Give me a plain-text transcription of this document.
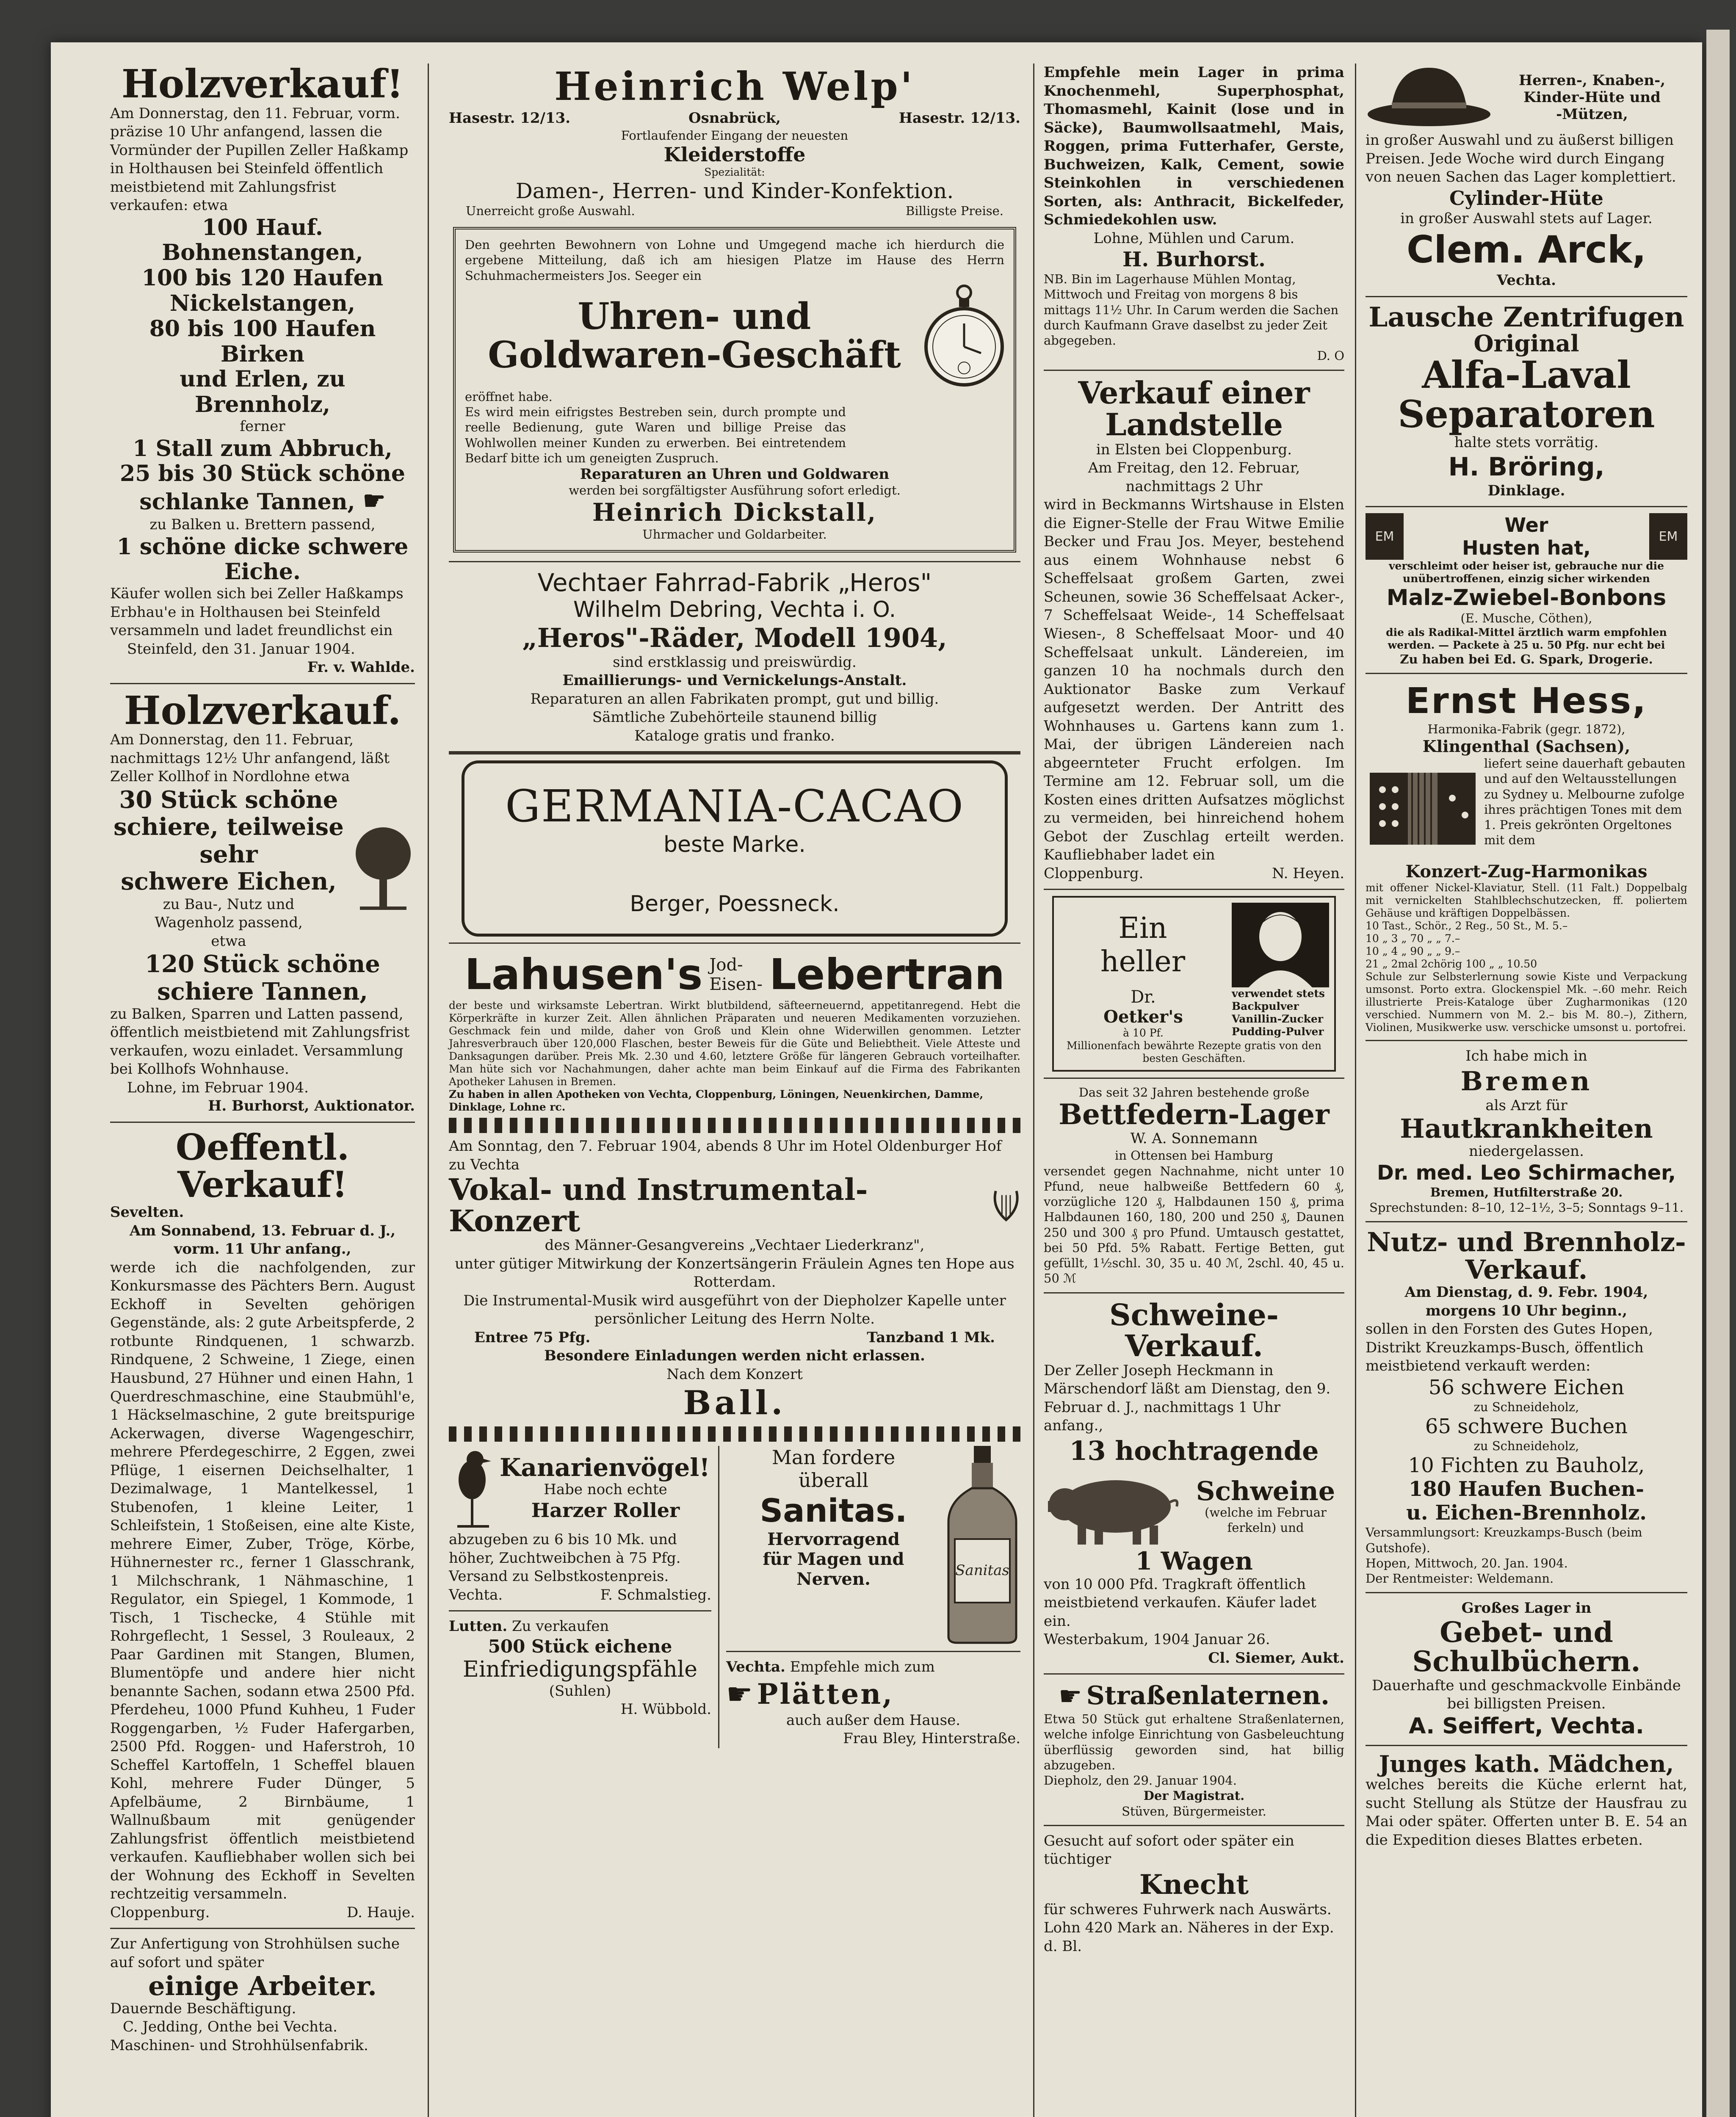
Holzverkauf!
Am Donnerstag, den 11. Februar, vorm. präzise 10 Uhr anfangend, lassen die Vormünder der Pupillen Zeller Haßkamp in Holthausen bei Steinfeld öffentlich meistbietend mit Zahlungsfrist verkaufen: etwa
100 Hauf. Bohnenstangen,
100 bis 120 Haufen
Nickelstangen,
80 bis 100 Haufen Birken
und Erlen, zu Brennholz,
ferner
1 Stall zum Abbruch,
25 bis 30 Stück schöne
schlanke Tannen, ☛
zu Balken u. Brettern passend,
1 schöne dicke schwere Eiche.
Käufer wollen sich bei Zeller Haßkamps Erbhau'e in Holthausen bei Steinfeld versammeln und ladet freundlichst ein
Steinfeld, den 31. Januar 1904.
Fr. v. Wahlde.
Holzverkauf.
Am Donnerstag, den 11. Februar, nachmittags 12½ Uhr anfangend, läßt Zeller Kollhof in Nordlohne etwa
30 Stück schöne
schiere, teilweise sehr
schwere Eichen,
zu Bau-, Nutz und
Wagenholz passend,
etwa
120 Stück schöne
schiere Tannen,
zu Balken, Sparren und Latten passend, öffentlich meistbietend mit Zahlungsfrist verkaufen, wozu einladet. Versammlung bei Kollhofs Wohnhause.
Lohne, im Februar 1904.
H. Burhorst, Auktionator.
Oeffentl. Verkauf!
Sevelten.
Am Sonnabend, 13. Februar d. J.,
vorm. 11 Uhr anfang.,
werde ich die nachfolgenden, zur Konkursmasse des Pächters Bern. August Eckhoff in Sevelten gehörigen Gegenstände, als: 2 gute Arbeitspferde, 2 rotbunte Rindquenen, 1 schwarzb. Rindquene, 2 Schweine, 1 Ziege, einen Hausbund, 27 Hühner und einen Hahn, 1 Querdreschmaschine, eine Staubmühl'e, 1 Häckselmaschine, 2 gute breitspurige Ackerwagen, diverse Wagengeschirr, mehrere Pferdegeschirre, 2 Eggen, zwei Pflüge, 1 eisernen Deichselhalter, 1 Dezimalwage, 1 Mantelkessel, 1 Stubenofen, 1 kleine Leiter, 1 Schleifstein, 1 Stoßeisen, eine alte Kiste, mehrere Eimer, Zuber, Tröge, Körbe, Hühnernester rc., ferner 1 Glasschrank, 1 Milchschrank, 1 Nähmaschine, 1 Regulator, ein Spiegel, 1 Kommode, 1 Tisch, 1 Tischecke, 4 Stühle mit Rohrgeflecht, 1 Sessel, 3 Rouleaux, 2 Paar Gardinen mit Stangen, Blumen, Blumentöpfe und andere hier nicht benannte Sachen, sodann etwa 2500 Pfd. Pferdeheu, 1000 Pfund Kuhheu, 1 Fuder Roggengarben, ½ Fuder Hafergarben, 2500 Pfd. Roggen- und Haferstroh, 10 Scheffel Kartoffeln, 1 Scheffel blauen Kohl, mehrere Fuder Dünger, 5 Apfelbäume, 2 Birnbäume, 1 Wallnußbaum mit genügender Zahlungsfrist öffentlich meistbietend verkaufen. Kaufliebhaber wollen sich bei der Wohnung des Eckhoff in Sevelten rechtzeitig versammeln.
Cloppenburg.	D. Hauje.
Zur Anfertigung von Strohhülsen suche auf sofort und später
einige Arbeiter.
Dauernde Beschäftigung.
C. Jedding, Onthe bei Vechta.
Maschinen- und Strohhülsenfabrik.
Heinrich Welp'
Hasestr. 12/13.	Osnabrück,	Hasestr. 12/13.
Fortlaufender Eingang der neuesten
Kleiderstoffe
Spezialität:
Damen-, Herren- und Kinder-Konfektion.
Unerreicht große Auswahl.	Billigste Preise.
Den geehrten Bewohnern von Lohne und Umgegend mache ich hierdurch die ergebene Mitteilung, daß ich am hiesigen Platze im Hause des Herrn Schuhmachermeisters Jos. Seeger ein
Uhren- und
Goldwaren-Geschäft
eröffnet habe.
Es wird mein eifrigstes Bestreben sein, durch prompte und reelle Bedienung, gute Waren und billige Preise das Wohlwollen meiner Kunden zu erwerben. Bei eintretendem Bedarf bitte ich um geneigten Zuspruch.
Reparaturen an Uhren und Goldwaren
werden bei sorgfältigster Ausführung sofort erledigt.
Heinrich Dickstall,
Uhrmacher und Goldarbeiter.
Vechtaer Fahrrad-Fabrik „Heros"
Wilhelm Debring, Vechta i. O.
„Heros"-Räder, Modell 1904,
sind erstklassig und preiswürdig.
Emaillierungs- und Vernickelungs-Anstalt.
Reparaturen an allen Fabrikaten prompt, gut und billig.
Sämtliche Zubehörteile staunend billig
Kataloge gratis und franko.
GERMANIA-CACAO
beste Marke.
Berger, Poessneck.
Lahusen's Jod-
Eisen- Lebertran
der beste und wirksamste Lebertran. Wirkt blutbildend, säfteerneuernd, appetitanregend. Hebt die Körperkräfte in kurzer Zeit. Allen ähnlichen Präparaten und neueren Medikamenten vorzuziehen. Geschmack fein und milde, daher von Groß und Klein ohne Widerwillen genommen. Letzter Jahresverbrauch über 120,000 Flaschen, bester Beweis für die Güte und Beliebtheit. Viele Atteste und Danksagungen darüber. Preis Mk. 2.30 und 4.60, letztere Größe für längeren Gebrauch vorteilhafter. Man hüte sich vor Nachahmungen, daher achte man beim Einkauf auf die Firma des Fabrikanten Apotheker Lahusen in Bremen.
Zu haben in allen Apotheken von Vechta, Cloppenburg, Löningen, Neuenkirchen, Damme, Dinklage, Lohne rc.
Am Sonntag, den 7. Februar 1904, abends 8 Uhr im Hotel Oldenburger Hof zu Vechta
Vokal- und Instrumental-Konzert
des Männer-Gesangvereins „Vechtaer Liederkranz",
unter gütiger Mitwirkung der Konzertsängerin Fräulein Agnes ten Hope aus Rotterdam.
Die Instrumental-Musik wird ausgeführt von der Diepholzer Kapelle unter persönlicher Leitung des Herrn Nolte.
Entree 75 Pfg.	Tanzband 1 Mk.
Besondere Einladungen werden nicht erlassen.
Nach dem Konzert
Ball.
Kanarienvögel!
Habe noch echte
Harzer Roller
abzugeben zu 6 bis 10 Mk. und höher, Zuchtweibchen à 75 Pfg. Versand zu Selbstkostenpreis.
Vechta.	F. Schmalstieg.
Lutten. Zu verkaufen
500 Stück eichene
Einfriedigungspfähle
(Suhlen)
H. Wübbold.
Man fordere
überall
Sanitas.
Hervorragend
für Magen und
Nerven.	Sanitas
Vechta. Empfehle mich zum
☛ Plätten,
auch außer dem Hause.
Frau Bley, Hinterstraße.
Empfehle mein Lager in prima Knochenmehl, Superphosphat, Thomasmehl, Kainit (lose und in Säcke), Baumwollsaatmehl, Mais, Roggen, prima Futterhafer, Gerste, Buchweizen, Kalk, Cement, sowie Steinkohlen in verschiedenen Sorten, als: Anthracit, Bickelfeder, Schmiedekohlen usw.
Lohne, Mühlen und Carum.
H. Burhorst.
NB. Bin im Lagerhause Mühlen Montag, Mittwoch und Freitag von morgens 8 bis mittags 11½ Uhr. In Carum werden die Sachen durch Kaufmann Grave daselbst zu jeder Zeit abgegeben.
D. O
Verkauf einer Landstelle
in Elsten bei Cloppenburg.
Am Freitag, den 12. Februar, nachmittags 2 Uhr
wird in Beckmanns Wirtshause in Elsten die Eigner-Stelle der Frau Witwe Emilie Becker und Frau Jos. Meyer, bestehend aus einem Wohnhause nebst 6 Scheffelsaat großem Garten, zwei Scheunen, sowie 36 Scheffelsaat Acker-, 7 Scheffelsaat Weide-, 14 Scheffelsaat Wiesen-, 8 Scheffelsaat Moor- und 40 Scheffelsaat unkult. Ländereien, im ganzen 10 ha nochmals durch den Auktionator Baske zum Verkauf aufgesetzt werden. Der Antritt des Wohnhauses u. Gartens kann zum 1. Mai, der übrigen Ländereien nach abgeernteter Frucht erfolgen. Im Termine am 12. Februar soll, um die Kosten eines dritten Aufsatzes möglichst zu vermeiden, bei hinreichend hohem Gebot der Zuschlag erteilt werden. Kaufliebhaber ladet ein
Cloppenburg.	N. Heyen.
Ein
heller
Dr.
Oetker's
à 10 Pf.
verwendet stets Backpulver Vanillin-Zucker Pudding-Pulver
Millionenfach bewährte Rezepte gratis von den besten Geschäften.
Das seit 32 Jahren bestehende große
Bettfedern-Lager
W. A. Sonnemann
in Ottensen bei Hamburg
versendet gegen Nachnahme, nicht unter 10 Pfund, neue halbweiße Bettfedern 60 ₰, vorzügliche 120 ₰, Halbdaunen 150 ₰, prima Halbdaunen 160, 180, 200 und 250 ₰, Daunen 250 und 300 ₰ pro Pfund. Umtausch gestattet, bei 50 Pfd. 5% Rabatt. Fertige Betten, gut gefüllt, 1½schl. 30, 35 u. 40 ℳ, 2schl. 40, 45 u. 50 ℳ
Schweine-Verkauf.
Der Zeller Joseph Heckmann in Märschendorf läßt am Dienstag, den 9. Februar d. J., nachmittags 1 Uhr anfang.,
13 hochtragende
Schweine
(welche im Februar ferkeln) und
1 Wagen
von 10 000 Pfd. Tragkraft öffentlich meistbietend verkaufen. Käufer ladet ein.
Westerbakum, 1904 Januar 26.
Cl. Siemer, Aukt.
☛ Straßenlaternen.
Etwa 50 Stück gut erhaltene Straßenlaternen, welche infolge Einrichtung von Gasbeleuchtung überflüssig geworden sind, hat billig abzugeben.
Diepholz, den 29. Januar 1904.
Der Magistrat.
Stüven, Bürgermeister.
Gesucht auf sofort oder später ein tüchtiger
Knecht
für schweres Fuhrwerk nach Auswärts. Lohn 420 Mark an. Näheres in der Exp. d. Bl.
Herren-, Knaben-,
Kinder-Hüte und
-Mützen,
in großer Auswahl und zu äußerst billigen Preisen. Jede Woche wird durch Eingang von neuen Sachen das Lager komplettiert.
Cylinder-Hüte
in großer Auswahl stets auf Lager.
Clem. Arck,
Vechta.
Lausche Zentrifugen
Original
Alfa-Laval
Separatoren
halte stets vorrätig.
H. Bröring,
Dinklage.
EM	Wer
Husten hat,	EM
verschleimt oder heiser ist, gebrauche nur die unübertroffenen, einzig sicher wirkenden
Malz-Zwiebel-Bonbons
(E. Musche, Cöthen),
die als Radikal-Mittel ärztlich warm empfohlen werden. — Packete à 25 u. 50 Pfg. nur echt bei
Zu haben bei Ed. G. Spark, Drogerie.
Ernst Hess,
Harmonika-Fabrik (gegr. 1872),
Klingenthal (Sachsen),
liefert seine dauerhaft gebauten und auf den Weltausstellungen zu Sydney u. Melbourne zufolge ihres prächtigen Tones mit dem 1. Preis gekrönten Orgeltones mit dem
Konzert-Zug-Harmonikas
mit offener Nickel-Klaviatur, Stell. (11 Falt.) Doppelbalg mit vernickelten Stahlblechschutzecken, ff. poliertem Gehäuse und kräftigen Doppelbässen.
10 Tast., Schör., 2 Reg., 50 St., M. 5.–
10 „ 3 „ 70 „ „ 7.–
10 „ 4 „ 90 „ „ 9.–
21 „ 2mal 2chörig 100 „ „ 10.50
Schule zur Selbsterlernung sowie Kiste und Verpackung umsonst. Porto extra. Glockenspiel Mk. –.60 mehr. Reich illustrierte Preis-Kataloge über Zugharmonikas (120 verschied. Nummern von M. 2.– bis M. 80.–), Zithern, Violinen, Musikwerke usw. verschicke umsonst u. portofrei.
Ich habe mich in
Bremen
als Arzt für
Hautkrankheiten
niedergelassen.
Dr. med. Leo Schirmacher,
Bremen, Hutfilterstraße 20.
Sprechstunden: 8–10, 12–1½, 3–5; Sonntags 9–11.
Nutz- und Brennholz-Verkauf.
Am Dienstag, d. 9. Febr. 1904,
morgens 10 Uhr beginn.,
sollen in den Forsten des Gutes Hopen, Distrikt Kreuzkamps-Busch, öffentlich meistbietend verkauft werden:
56 schwere Eichen
zu Schneideholz,
65 schwere Buchen
zu Schneideholz,
10 Fichten zu Bauholz,
180 Haufen Buchen-
u. Eichen-Brennholz.
Versammlungsort: Kreuzkamps-Busch (beim Gutshofe).
Hopen, Mittwoch, 20. Jan. 1904.
Der Rentmeister: Weldemann.
Großes Lager in
Gebet- und
Schulbüchern.
Dauerhafte und geschmackvolle Einbände bei billigsten Preisen.
A. Seiffert, Vechta.
Junges kath. Mädchen,
welches bereits die Küche erlernt hat, sucht Stellung als Stütze der Hausfrau zu Mai oder später. Offerten unter B. E. 54 an die Expedition dieses Blattes erbeten.
